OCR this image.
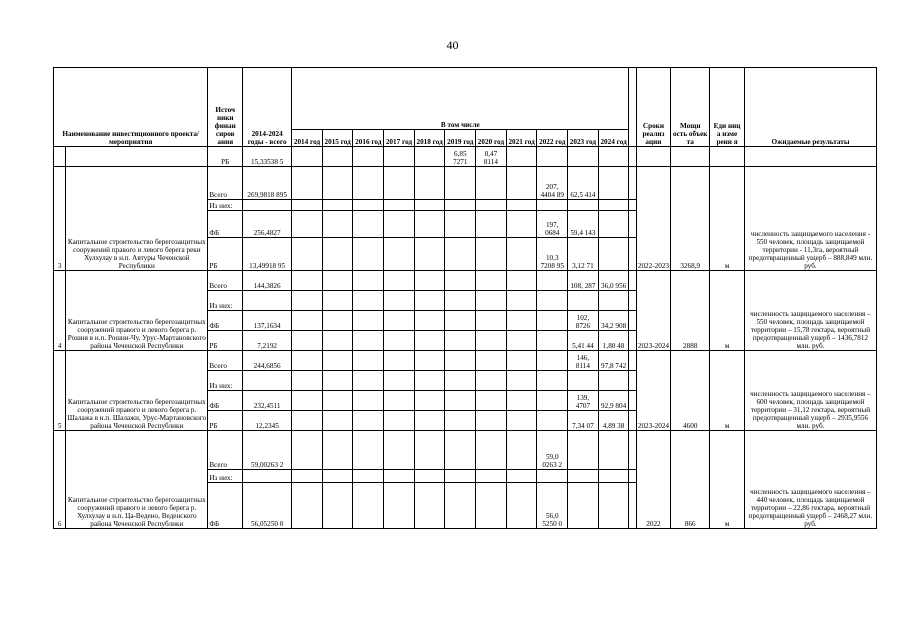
40
Наименование инвестиционного проекта/мероприятия		Источ ники финан сиров ания	2014-2024 годы - всего	В том числе												Сроки реализ ации	Мощн ость объек та	Еди ниц а изме рени я	Ожидаемые результаты
				2014 год	2015 год	2016 год	2017 год	2018 год	2019 год	2020 год	2021 год	2022 год	2023 год	2024 год					
		РБ	15,33538 5						6,85 7271	8,47 8114									
3	Капитальное строительство берегозащитных сооружений правого и левого берега реки Хулхулау в н.п. Автуры Чеченской Республики	Всего	269,9818 895									207, 4404 89	62,5 414			2022-2023	3268,9	м	численность защищаемого населения - 550 человек, площадь защищаемой территории - 11,3га, вероятный предотвращенный ущерб – 888,849 млн. руб.
		Из них:																	
		ФБ	256,4827									197, 0684	59,4 143						
		РБ	13,49918 95									10,3 7208 95	3,12 71						
4	Капитальное строительство берегозащитных сооружений правого и левого берега р. Рошня в н.п. Рошни-Чу, Урус-Мартановского района Чеченской Республики	Всего	144,3826										108, 287	36,0 956		2023-2024	2888	м	численность защищаемого населения – 550 человек, площадь защищаемой территории – 15,78 гектара, вероятный предотвращенный ущерб – 1436,7812 млн. руб.
		Из них:																	
		ФБ	137,1634										102, 8726	34,2 908					
		РБ	7,2192										5,41 44	1,80 48					
5	Капитальное строительство берегозащитных сооружений правого и левого берега р. Шалажа в н.п. Шалажи, Урус-Мартановского района Чеченской Республики	Всего	244,6856										146, 8114	97,8 742		2023-2024	4600	м	численность защищаемого населения – 600 человек, площадь защищаемой территории – 31,12 гектара, вероятный предотвращенный ущерб – 2935,9556 млн. руб.
		Из них:																	
		ФБ	232,4511										139, 4707	92,9 804					
		РБ	12,2345										7,34 07	4,89 38					
6	Капитальное строительство берегозащитных сооружений правого и левого берега р. Хулхулау в н.п. Ца-Ведено, Веденского района Чеченской Республики	Всего	59,00263 2									59,0 0263 2				2022	866	м	численность защищаемого населения – 440 человек, площадь защищаемой территории – 22,86 гектара, вероятный предотвращенный ущерб – 2468,27 млн. руб.
		Из них:																	
		ФБ	56,05250 0									56,0 5250 0							
